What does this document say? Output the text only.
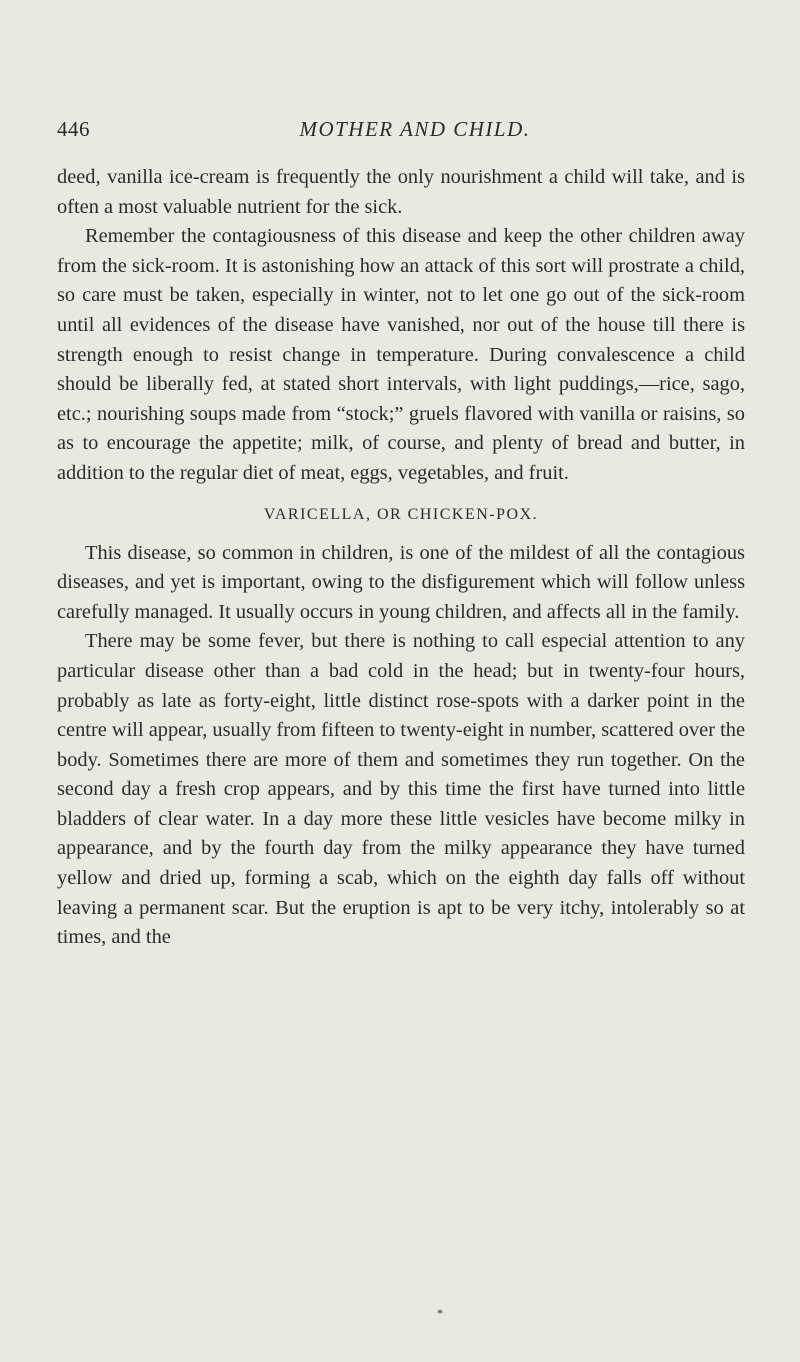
446	MOTHER AND CHILD.

deed, vanilla ice-cream is frequently the only nourishment a child will take, and is often a most valuable nutrient for the sick.

Remember the contagiousness of this disease and keep the other children away from the sick-room. It is astonishing how an attack of this sort will prostrate a child, so care must be taken, especially in winter, not to let one go out of the sick-room until all evidences of the disease have vanished, nor out of the house till there is strength enough to resist change in temperature. During convalescence a child should be liberally fed, at stated short intervals, with light puddings,—rice, sago, etc.; nourishing soups made from “stock;” gruels flavored with vanilla or raisins, so as to encourage the appetite; milk, of course, and plenty of bread and butter, in addition to the regular diet of meat, eggs, vegetables, and fruit.

VARICELLA, OR CHICKEN-POX.

This disease, so common in children, is one of the mildest of all the contagious diseases, and yet is important, owing to the disfigurement which will follow unless carefully managed. It usually occurs in young children, and affects all in the family.

There may be some fever, but there is nothing to call especial attention to any particular disease other than a bad cold in the head; but in twenty-four hours, probably as late as forty-eight, little distinct rose-spots with a darker point in the centre will appear, usually from fifteen to twenty-eight in number, scattered over the body. Sometimes there are more of them and sometimes they run together. On the second day a fresh crop appears, and by this time the first have turned into little bladders of clear water. In a day more these little vesicles have become milky in appearance, and by the fourth day from the milky appearance they have turned yellow and dried up, forming a scab, which on the eighth day falls off without leaving a permanent scar. But the eruption is apt to be very itchy, intolerably so at times, and the

*
